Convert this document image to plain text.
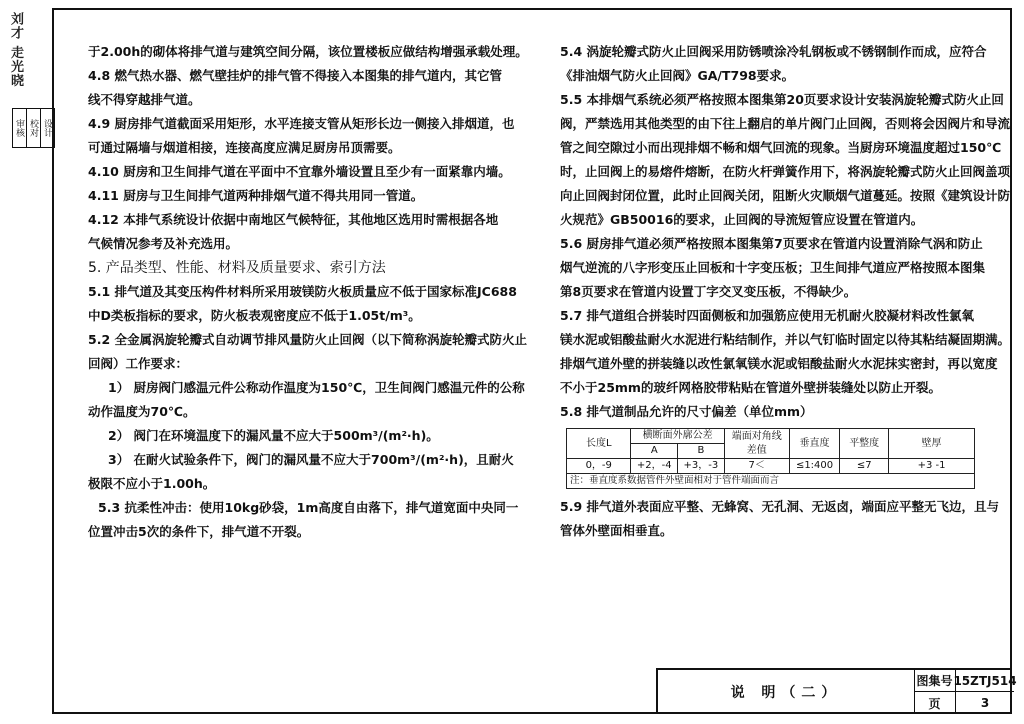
刘才 走光晓
审核	校对	设计

于2.00h的砌体将排气道与建筑空间分隔，该位置楼板应做结构增强承载处理。

4.8 燃气热水器、燃气壁挂炉的排气管不得接入本图集的排气道内，其它管

线不得穿越排气道。

4.9 厨房排气道截面采用矩形，水平连接支管从矩形长边一侧接入排烟道，也

可通过隔墙与烟道相接，连接高度应满足厨房吊顶需要。

4.10 厨房和卫生间排气道在平面中不宜靠外墙设置且至少有一面紧靠内墙。

4.11 厨房与卫生间排气道两种排烟气道不得共用同一管道。

4.12 本排气系统设计依据中南地区气候特征，其他地区选用时需根据各地

气候情况参考及补充选用。

5. 产品类型、性能、材料及质量要求、索引方法

5.1 排气道及其变压构件材料所采用玻镁防火板质量应不低于国家标准JC688

中D类板指标的要求，防火板表观密度应不低于1.05t/m³。

5.2 全金属涡旋轮瓣式自动调节排风量防火止回阀（以下简称涡旋轮瓣式防火止

回阀）工作要求：

1） 厨房阀门感温元件公称动作温度为150℃，卫生间阀门感温元件的公称

动作温度为70℃。

2） 阀门在环境温度下的漏风量不应大于500m³/(m²·h)。

3） 在耐火试验条件下，阀门的漏风量不应大于700m³/(m²·h)，且耐火

极限不应小于1.00h。

5.3 抗柔性冲击：使用10kg砂袋，1m高度自由落下，排气道宽面中央同一

位置冲击5次的条件下，排气道不开裂。

5.4 涡旋轮瓣式防火止回阀采用防锈喷涂冷轧钢板或不锈钢制作而成，应符合

《排油烟气防火止回阀》GA/T798要求。

5.5 本排烟气系统必须严格按照本图集第20页要求设计安装涡旋轮瓣式防火止回

阀，严禁选用其他类型的由下往上翻启的单片阀门止回阀，否则将会因阀片和导流

管之间空隙过小而出现排烟不畅和烟气回流的现象。当厨房环境温度超过150℃

时，止回阀上的易熔件熔断，在防火杆弹簧作用下，将涡旋轮瓣式防火止回阀盖项

向止回阀封闭位置，此时止回阀关闭，阻断火灾顺烟气道蔓延。按照《建筑设计防

火规范》GB50016的要求，止回阀的导流短管应设置在管道内。

5.6 厨房排气道必须严格按照本图集第7页要求在管道内设置消除气涡和防止

烟气逆流的八字形变压止回板和十字变压板；卫生间排气道应严格按照本图集

第8页要求在管道内设置丁字交叉变压板，不得缺少。

5.7 排气道组合拼装时四面侧板和加强筋应使用无机耐火胶凝材料改性氯氧

镁水泥或铝酸盐耐火水泥进行粘结制作，并以气钉临时固定以待其粘结凝固期满。

排烟气道外壁的拼装缝以改性氯氧镁水泥或铝酸盐耐火水泥抹实密封，再以宽度

不小于25mm的玻纤网格胶带粘贴在管道外壁拼装缝处以防止开裂。

5.8 排气道制品允许的尺寸偏差（单位mm）

长度L	横断面外廓公差		端面对角线差值	垂直度	平整度	壁厚
	A	B				
0，-9	+2，-4	+3，-3	7＜	≤1:400	≤7	+3 -1
注：垂直度系数据管件外壁面相对于管件端面而言						

5.9 排气道外表面应平整、无蜂窝、无孔洞、无返卤，端面应平整无飞边，且与

管体外壁面相垂直。

说 明（二）
图集号 15ZTJ514
页	3
